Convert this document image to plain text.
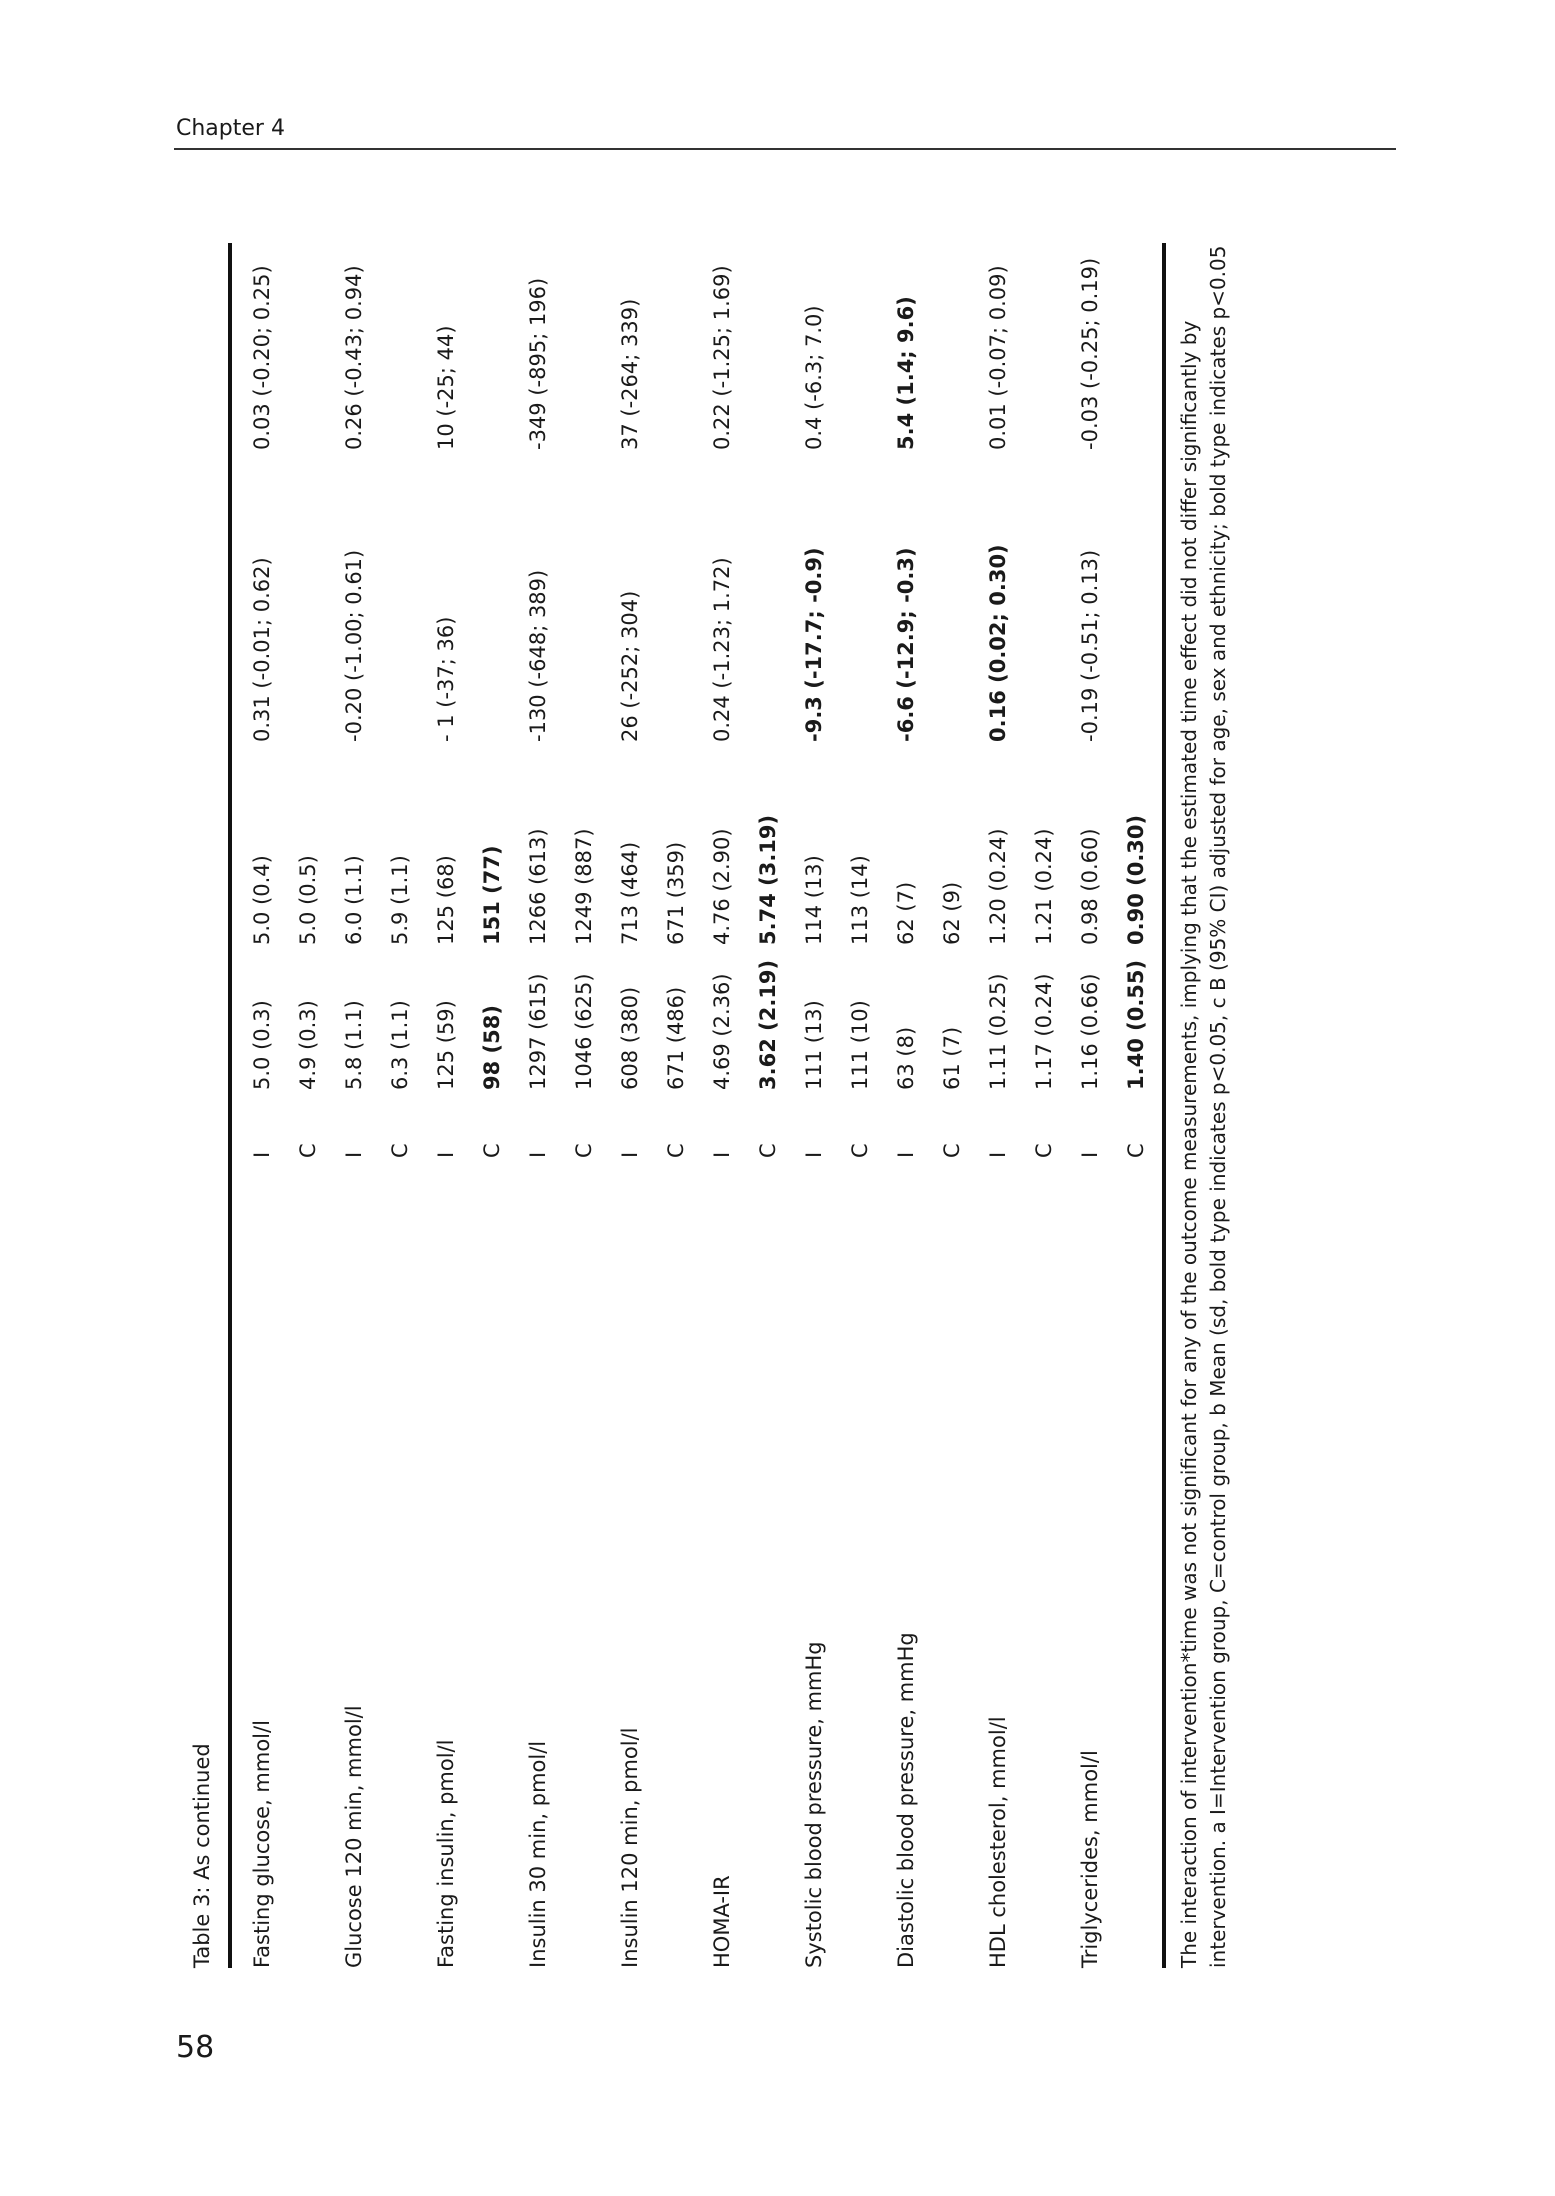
Chapter 4
58
Table 3: As continued Fasting glucose, mmol/l
I
5.0 (0.3)
5.0 (0.4)
0.31 (-0.01; 0.62)
0.03 (-0.20; 0.25)
C
4.9 (0.3)
5.0 (0.5)
Glucose 120 min, mmol/l
I
5.8 (1.1)
6.0 (1.1)
-0.20 (-1.00; 0.61)
0.26 (-0.43; 0.94)
C
6.3 (1.1)
5.9 (1.1)
Fasting insulin, pmol/l
I
125 (59)
125 (68)
- 1 (-37; 36)
10 (-25; 44)
C
98 (58)
151 (77)
Insulin 30 min, pmol/l
I
1297 (615)
1266 (613)
-130 (-648; 389)
-349 (-895; 196)
C
1046 (625)
1249 (887)
Insulin 120 min, pmol/l
I
608 (380)
713 (464)
26 (-252; 304)
37 (-264; 339)
C
671 (486)
671 (359)
HOMA-IR
I
4.69 (2.36)
4.76 (2.90)
0.24 (-1.23; 1.72)
0.22 (-1.25; 1.69)
C
3.62 (2.19)
5.74 (3.19)
Systolic blood pressure, mmHg
I
111 (13)
114 (13)
-9.3 (-17.7; -0.9)
0.4 (-6.3; 7.0)
C
111 (10)
113 (14)
Diastolic blood pressure, mmHg
I
63 (8)
62 (7)
-6.6 (-12.9; -0.3)
5.4 (1.4; 9.6)
C
61 (7)
62 (9)
HDL cholesterol, mmol/l
I
1.11 (0.25)
1.20 (0.24)
0.16 (0.02; 0.30)
0.01 (-0.07; 0.09)
C
1.17 (0.24)
1.21 (0.24)
Triglycerides, mmol/l
I
1.16 (0.66)
0.98 (0.60)
-0.19 (-0.51; 0.13)
-0.03 (-0.25; 0.19)
C
1.40 (0.55)
0.90 (0.30) The interaction of intervention*time was not significant for any of the outcome measurements, implying that the estimated time effect did not differ significantly by intervention. a I=Intervention group, C=control group, b Mean (sd, bold type indicates p<0.05, c B (95% CI) adjusted for age, sex and ethnicity; bold type indicates p<0.05
